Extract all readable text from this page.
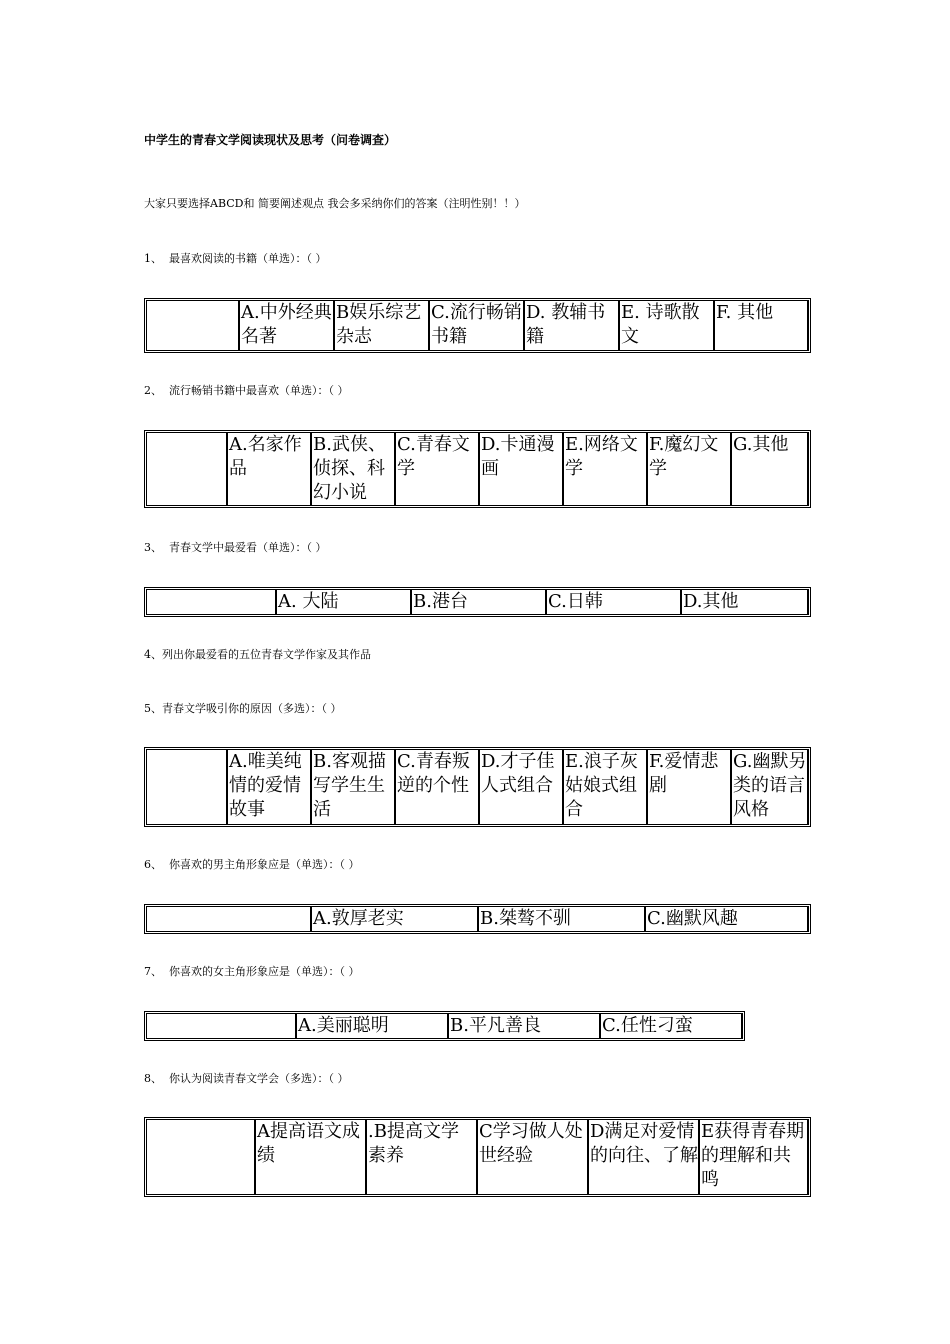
中学生的青春文学阅读现状及思考（问卷调查）
大家只要选择ABCD和 简要阐述观点 我会多采纳你们的答案（注明性别！！）
1、  最喜欢阅读的书籍（单选）：（ ）
	A.中外经典名著	B娱乐综艺杂志	C.流行畅销书籍	D. 教辅书籍	E. 诗歌散文	F. 其他
2、  流行畅销书籍中最喜欢（单选）：（ ）
	A.名家作品	B.武侠、侦探、科幻小说	C.青春文学	D.卡通漫画	E.网络文学	F.魔幻文学	G.其他
3、  青春文学中最爱看（单选）：（ ）
	A. 大陆	B.港台	C.日韩	D.其他
4、列出你最爱看的五位青春文学作家及其作品
5、青春文学吸引你的原因（多选）：（ ）
	A.唯美纯情的爱情故事	B.客观描写学生生活	C.青春叛逆的个性	D.才子佳人式组合	E.浪子灰姑娘式组合	F.爱情悲剧	G.幽默另类的语言风格
6、  你喜欢的男主角形象应是（单选）：（ ）
	A.敦厚老实	B.桀骜不驯	C.幽默风趣
7、  你喜欢的女主角形象应是（单选）：（ ）
	A.美丽聪明	B.平凡善良	C.任性刁蛮
8、  你认为阅读青春文学会（多选）：（ ）
	A提高语文成绩	.B提高文学素养	C学习做人处世经验	D满足对爱情的向往、了解	E获得青春期的理解和共鸣
